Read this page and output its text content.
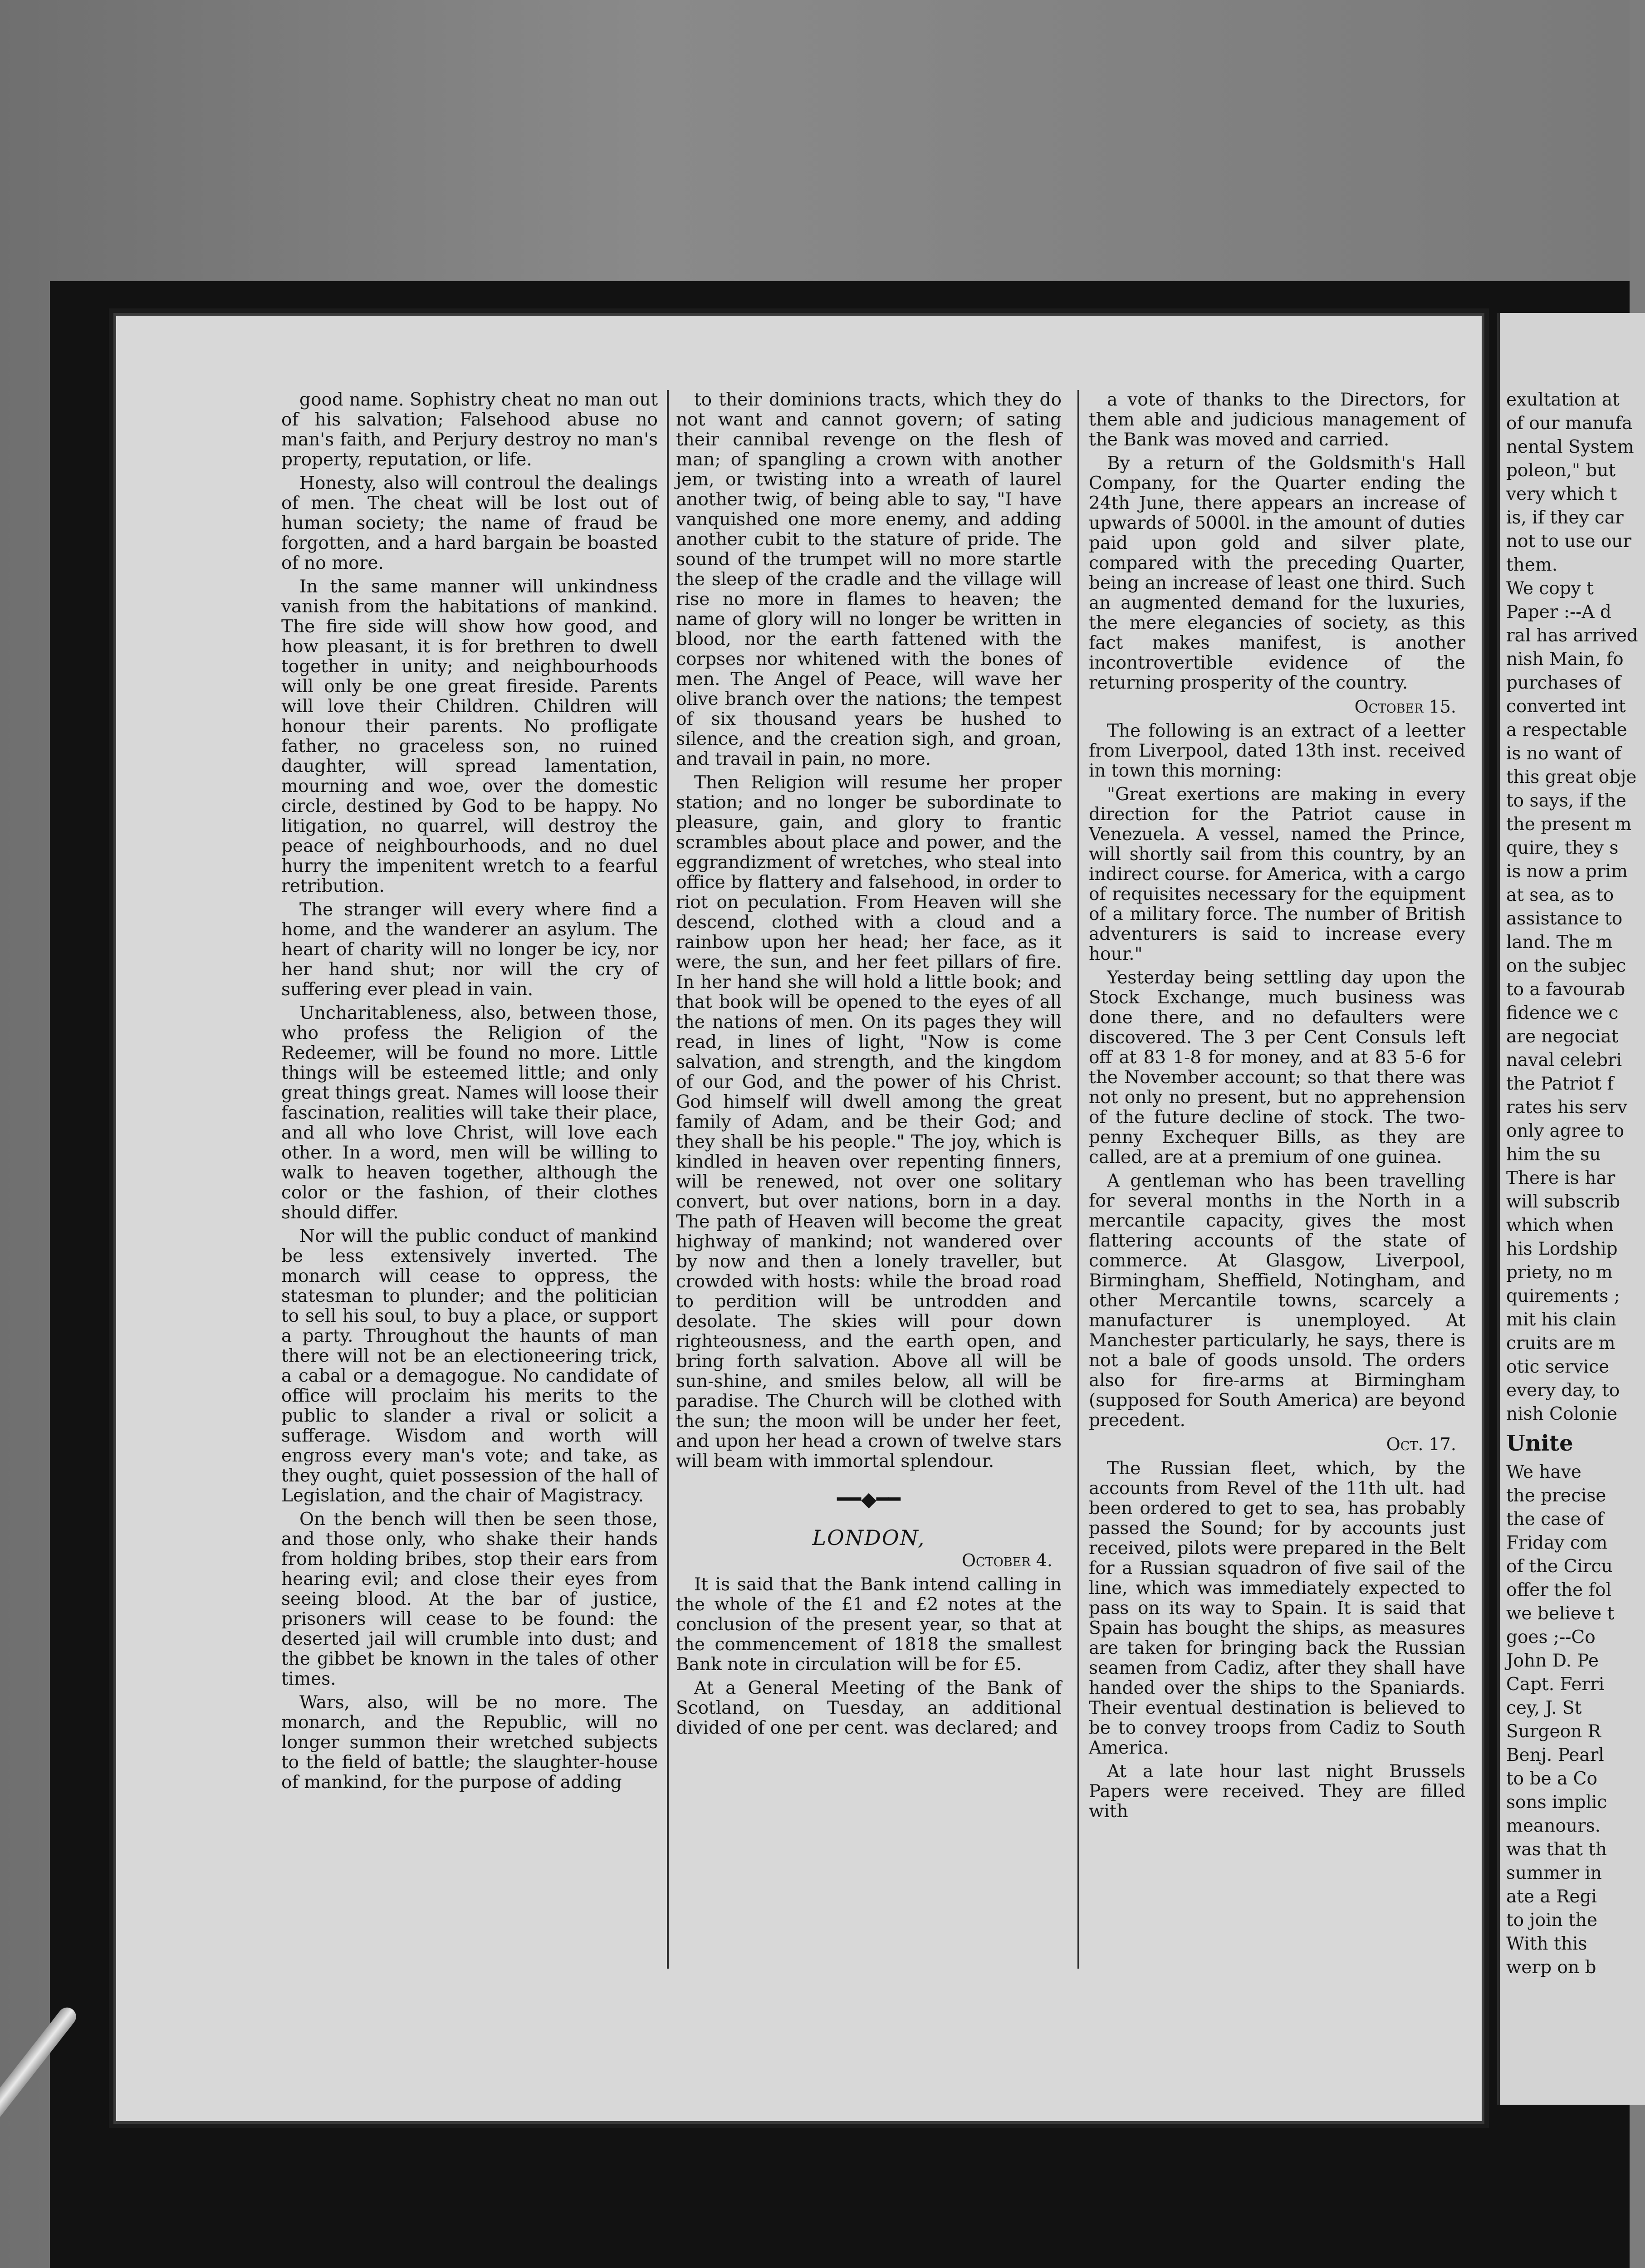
good name. Sophistry cheat no man out of his salvation; Falsehood abuse no man's faith, and Perjury destroy no man's property, reputation, or life.

Honesty, also will controul the dealings of men. The cheat will be lost out of human society; the name of fraud be forgotten, and a hard bargain be boasted of no more.

In the same manner will unkindness vanish from the habitations of mankind. The fire side will show how good, and how pleasant, it is for brethren to dwell together in unity; and neighbourhoods will only be one great fireside. Parents will love their Children. Children will honour their parents. No profligate father, no graceless son, no ruined daughter, will spread lamentation, mourning and woe, over the domestic circle, destined by God to be happy. No litigation, no quarrel, will destroy the peace of neighbourhoods, and no duel hurry the impenitent wretch to a fearful retribution.

The stranger will every where find a home, and the wanderer an asylum. The heart of charity will no longer be icy, nor her hand shut; nor will the cry of suffering ever plead in vain.

Uncharitableness, also, between those, who profess the Religion of the Redeemer, will be found no more. Little things will be esteemed little; and only great things great. Names will loose their fascination, realities will take their place, and all who love Christ, will love each other. In a word, men will be willing to walk to heaven together, although the color or the fashion, of their clothes should differ.

Nor will the public conduct of mankind be less extensively inverted. The monarch will cease to oppress, the statesman to plunder; and the politician to sell his soul, to buy a place, or support a party. Throughout the haunts of man there will not be an electioneering trick, a cabal or a demagogue. No candidate of office will proclaim his merits to the public to slander a rival or solicit a sufferage. Wisdom and worth will engross every man's vote; and take, as they ought, quiet possession of the hall of Legislation, and the chair of Magistracy.

On the bench will then be seen those, and those only, who shake their hands from holding bribes, stop their ears from hearing evil; and close their eyes from seeing blood. At the bar of justice, prisoners will cease to be found: the deserted jail will crumble into dust; and the gibbet be known in the tales of other times.

Wars, also, will be no more. The monarch, and the Republic, will no longer summon their wretched subjects to the field of battle; the slaughter-house of mankind, for the purpose of adding

to their dominions tracts, which they do not want and cannot govern; of sating their cannibal revenge on the flesh of man; of spangling a crown with another jem, or twisting into a wreath of laurel another twig, of being able to say, "I have vanquished one more enemy, and adding another cubit to the stature of pride. The sound of the trumpet will no more startle the sleep of the cradle and the village will rise no more in flames to heaven; the name of glory will no longer be written in blood, nor the earth fattened with the corpses nor whitened with the bones of men. The Angel of Peace, will wave her olive branch over the nations; the tempest of six thousand years be hushed to silence, and the creation sigh, and groan, and travail in pain, no more.

Then Religion will resume her proper station; and no longer be subordinate to pleasure, gain, and glory to frantic scrambles about place and power, and the eggrandizment of wretches, who steal into office by flattery and falsehood, in order to riot on peculation. From Heaven will she descend, clothed with a cloud and a rainbow upon her head; her face, as it were, the sun, and her feet pillars of fire. In her hand she will hold a little book; and that book will be opened to the eyes of all the nations of men. On its pages they will read, in lines of light, "Now is come salvation, and strength, and the kingdom of our God, and the power of his Christ. God himself will dwell among the great family of Adam, and be their God; and they shall be his people." The joy, which is kindled in heaven over repenting finners, will be renewed, not over one solitary convert, but over nations, born in a day. The path of Heaven will become the great highway of mankind; not wandered over by now and then a lonely traveller, but crowded with hosts: while the broad road to perdition will be untrodden and desolate. The skies will pour down righteousness, and the earth open, and bring forth salvation. Above all will be sun-shine, and smiles below, all will be paradise. The Church will be clothed with the sun; the moon will be under her feet, and upon her head a crown of twelve stars will beam with immortal splendour.

━━◆━━
LONDON,
October 4.

It is said that the Bank intend calling in the whole of the £1 and £2 notes at the conclusion of the present year, so that at the commencement of 1818 the smallest Bank note in circulation will be for £5.

At a General Meeting of the Bank of Scotland, on Tuesday, an additional divided of one per cent. was declared; and

a vote of thanks to the Directors, for them able and judicious management of the Bank was moved and carried.

By a return of the Goldsmith's Hall Company, for the Quarter ending the 24th June, there appears an increase of upwards of 5000l. in the amount of duties paid upon gold and silver plate, compared with the preceding Quarter, being an increase of least one third. Such an augmented demand for the luxuries, the mere elegancies of society, as this fact makes manifest, is another incontrovertible evidence of the returning prosperity of the country.

October 15.

The following is an extract of a leetter from Liverpool, dated 13th inst. received in town this morning:

"Great exertions are making in every direction for the Patriot cause in Venezuela. A vessel, named the Prince, will shortly sail from this country, by an indirect course. for America, with a cargo of requisites necessary for the equipment of a military force. The number of British adventurers is said to increase every hour."

Yesterday being settling day upon the Stock Exchange, much business was done there, and no defaulters were discovered. The 3 per Cent Consuls left off at 83 1-8 for money, and at 83 5-6 for the November account; so that there was not only no present, but no apprehension of the future decline of stock. The two-penny Exchequer Bills, as they are called, are at a premium of one guinea.

A gentleman who has been travelling for several months in the North in a mercantile capacity, gives the most flattering accounts of the state of commerce. At Glasgow, Liverpool, Birmingham, Sheffield, Notingham, and other Mercantile towns, scarcely a manufacturer is unemployed. At Manchester particularly, he says, there is not a bale of goods unsold. The orders also for fire-arms at Birmingham (supposed for South America) are beyond precedent.

Oct. 17.

The Russian fleet, which, by the accounts from Revel of the 11th ult. had been ordered to get to sea, has probably passed the Sound; for by accounts just received, pilots were prepared in the Belt for a Russian squadron of five sail of the line, which was immediately expected to pass on its way to Spain. It is said that Spain has bought the ships, as measures are taken for bringing back the Russian seamen from Cadiz, after they shall have handed over the ships to the Spaniards. Their eventual destination is believed to be to convey troops from Cadiz to South America.

At a late hour last night Brussels Papers were received. They are filled with

exultation at

of our manufa

nental System

poleon," but

very which t

is, if they car

not to use our

them.

We copy t

Paper :--A d

ral has arrived

nish Main, fo

purchases of

converted int

a respectable

is no want of

this great obje

to says, if the

the present m

quire, they s

is now a prim

at sea, as to

assistance to

land. The m

on the subjec

to a favourab

fidence we c

are negociat

naval celebri

the Patriot f

rates his serv

only agree to

him the su

There is har

will subscrib

which when

his Lordship

priety, no m

quirements ;

mit his clain

cruits are m

otic service

every day, to

nish Colonie

Unite

We have

the precise

the case of

Friday com

of the Circu

offer the fol

we believe t

goes ;--Co

John D. Pe

Capt. Ferri

cey, J. St

Surgeon R

Benj. Pearl

to be a Co

sons implic

meanours.

was that th

summer in

ate a Regi

to join the

With this

werp on b
